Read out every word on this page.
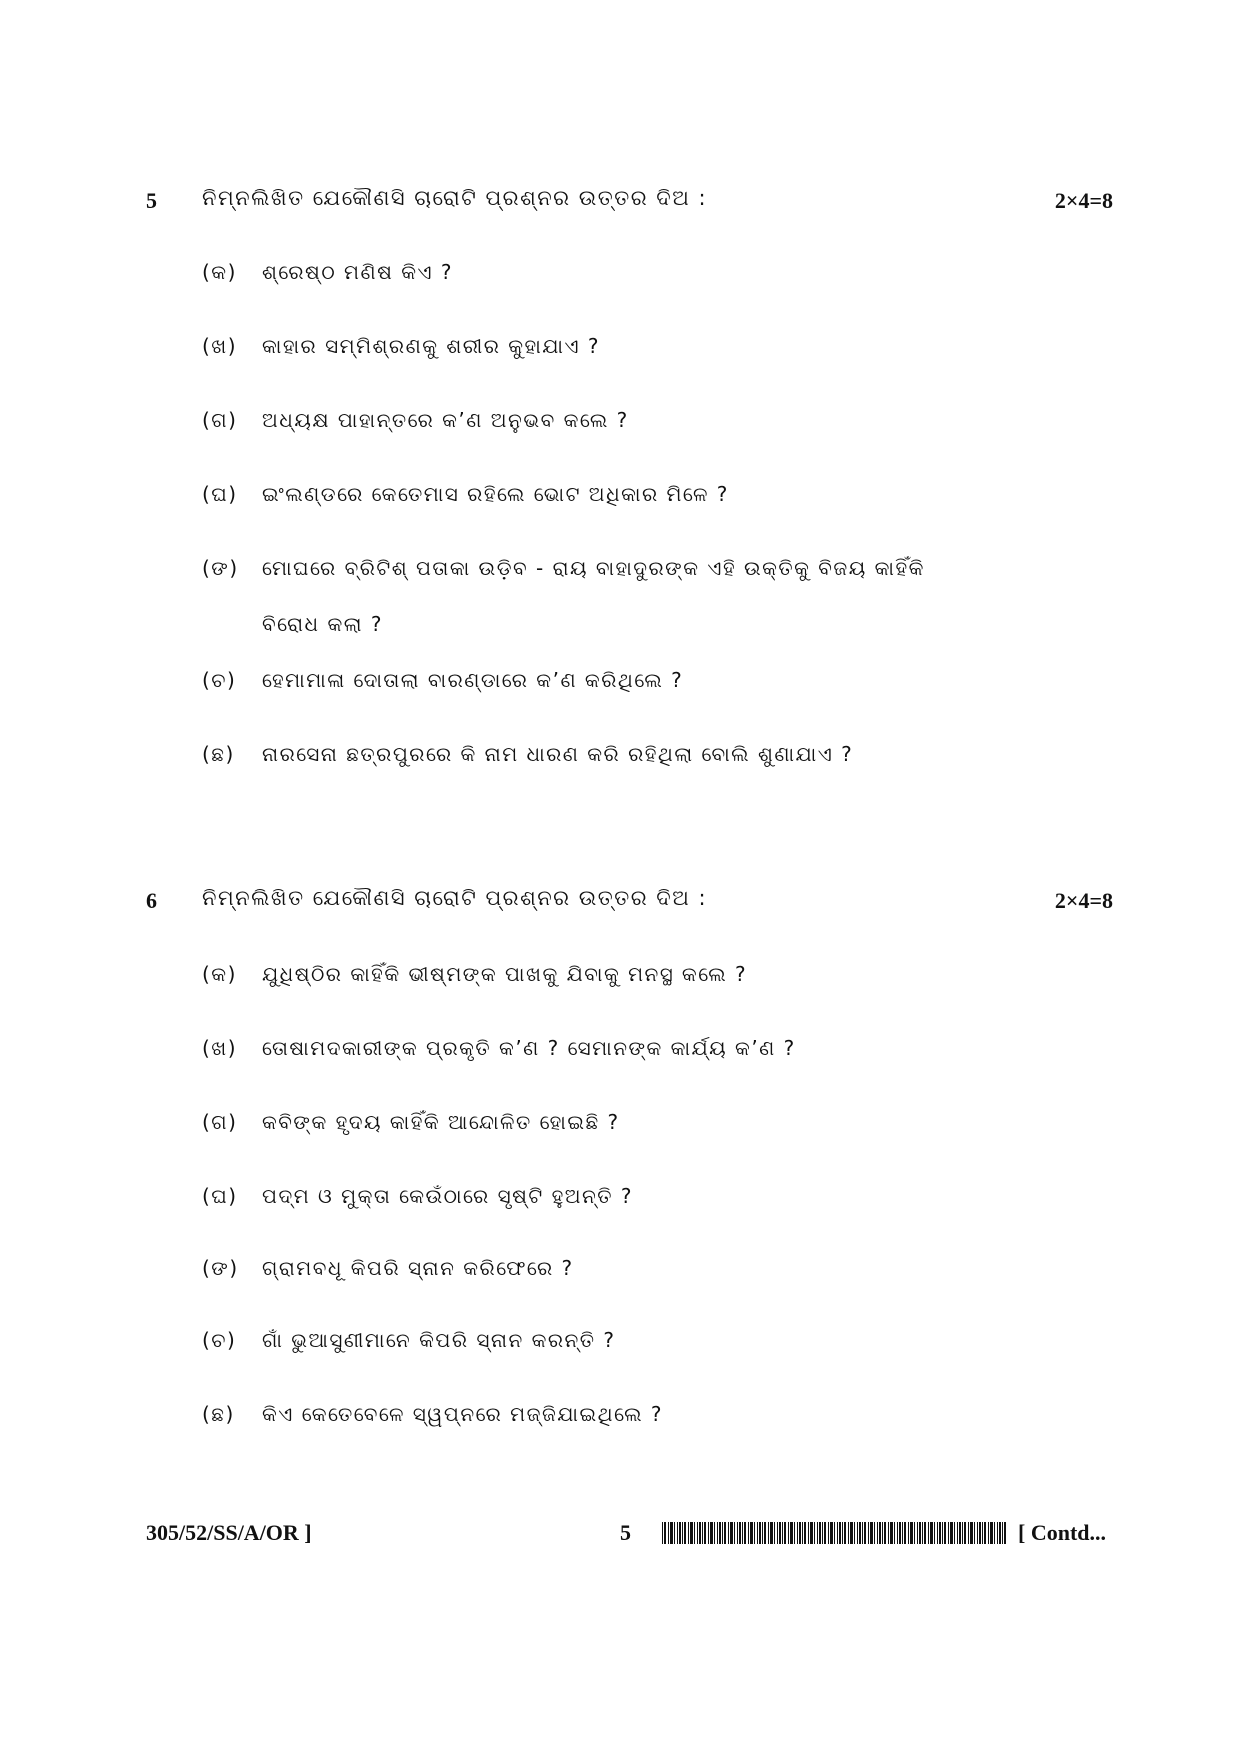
5 ନିମ୍ନଲିଖିତ ଯେକୌଣସି ଚାରୋଟି ପ୍ରଶ୍ନର ଉତ୍ତର ଦିଅ :	2×4=8
(କ) ଶ୍ରେଷ୍ଠ ମଣିଷ କିଏ ?
(ଖ) କାହାର ସମ୍ମିଶ୍ରଣକୁ ଶରୀର କୁହାଯାଏ ?
(ଗ) ଅଧ୍ୟକ୍ଷ ପାହାନ୍ତରେ କ’ଣ ଅନୁଭବ କଲେ ?
(ଘ) ଇଂଲଣ୍ଡରେ କେତେମାସ ରହିଲେ ଭୋଟ ଅଧିକାର ମିଳେ ?
(ଙ) ମୋଘରେ ବ୍ରିଟିଶ୍ ପତାକା ଉଡ଼ିବ - ରାୟ ବାହାଦୁରଙ୍କ ଏହି ଉକ୍ତିକୁ ବିଜୟ କାହିଁକି
ବିରୋଧ କଲା ?
(ଚ) ହେମାମାଳା ଦୋତାଲା ବାରଣ୍ଡାରେ କ’ଣ କରିଥିଲେ ?
(ଛ) ନାରସେନା ଛତ୍ରପୁରରେ କି ନାମ ଧାରଣ କରି ରହିଥିଲା ବୋଲି ଶୁଣାଯାଏ ?
6 ନିମ୍ନଲିଖିତ ଯେକୌଣସି ଚାରୋଟି ପ୍ରଶ୍ନର ଉତ୍ତର ଦିଅ :	2×4=8
(କ) ଯୁଧିଷ୍ଠିର କାହିଁକି ଭୀଷ୍ମଙ୍କ ପାଖକୁ ଯିବାକୁ ମନସ୍ଥ କଲେ ?
(ଖ) ତୋଷାମଦକାରୀଙ୍କ ପ୍ରକୃତି କ’ଣ ? ସେମାନଙ୍କ କାର୍ଯ୍ୟ କ’ଣ ?
(ଗ) କବିଙ୍କ ହୃଦୟ କାହିଁକି ଆନ୍ଦୋଳିତ ହୋଇଛି ?
(ଘ) ପଦ୍ମ ଓ ମୁକ୍ତା କେଉଁଠାରେ ସୃଷ୍ଟି ହୁଅନ୍ତି ?
(ଙ) ଗ୍ରାମବଧୂ କିପରି ସ୍ନାନ କରିଫେରେ ?
(ଚ) ଗାଁ ଭୁଆସୁଣୀମାନେ କିପରି ସ୍ନାନ କରନ୍ତି ?
(ଛ) କିଏ କେତେବେଳେ ସ୍ୱପ୍ନରେ ମଜ୍ଜିଯାଇଥିଲେ ?
305/52/SS/A/OR ]	5	[ Contd...
